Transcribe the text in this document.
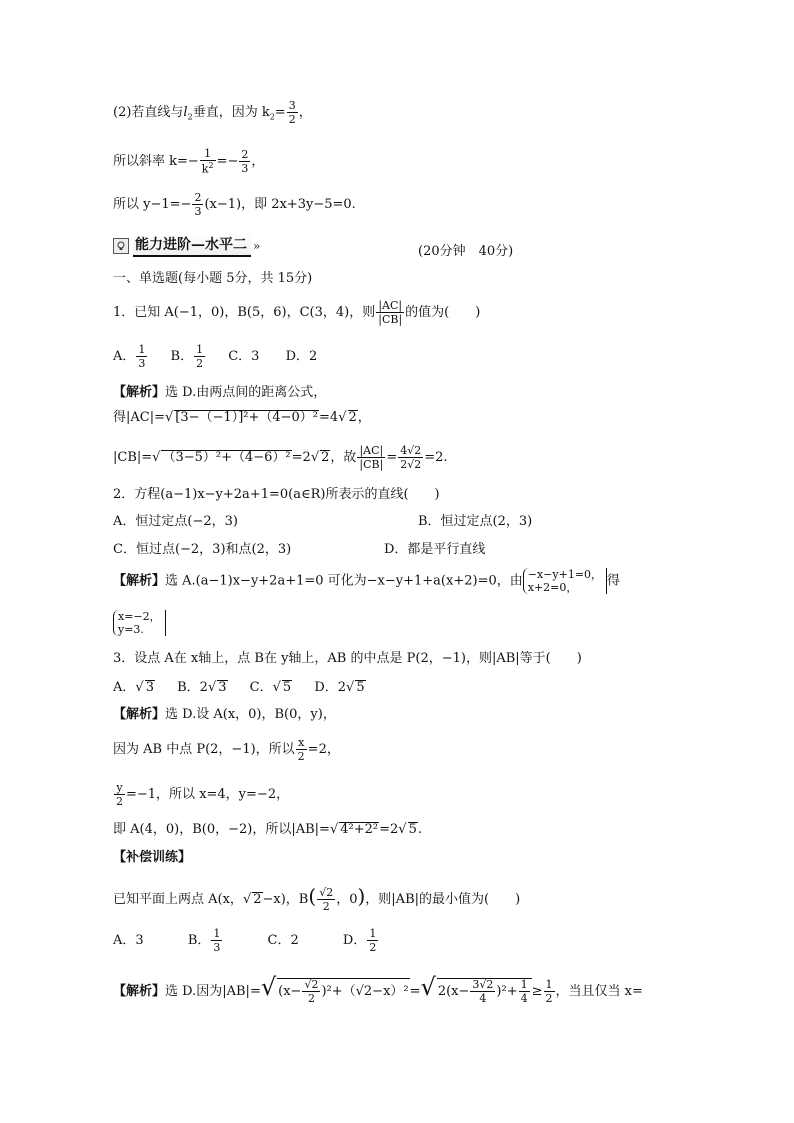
(2)若直线与$l_2$垂直，因为 $k_2= \frac{3}{2}$ ，
所以斜率 $k=- \frac{1}{k^2} =- \frac{2}{3}$ ，
所以 $y-1=- \frac{2}{3} (x-1)$，即 2x+3y−5=0.
能力进阶—水平二 »	(20分钟　40分)
一、单选题(每小题 5分，共 15分)
1．已知 A(−1，0)，B(5，6)，C(3，4)，则 $\frac{|AC|}{|CB|}$ 的值为(　　)
A． $\frac{1}{3}$ B． $\frac{1}{2}$ C．3 D．2
【解析】选 D.由两点间的距离公式，
得|AC|=√ [3−（−1）]²+（4−0）²=4√ 2，
|CB|=√ （3−5）²+（4−6）²=2√ 2，故 $\frac{|AC|}{|CB|} = \frac{4√2}{2√2} =2$.
2．方程(a−1)x−y+2a+1=0(a∈R)所表示的直线(　　)
A．恒过定点(−2，3)	B．恒过定点(2，3)
C．恒过点(−2，3)和点(2，3)	D．都是平行直线
【解析】选 A.(a−1)x−y+2a+1=0 可化为−x−y+1+a(x+2)=0，由 −x−y+1=0，
x+2=0，	得
x=−2，
y=3.
3．设点 A在 x轴上，点 B在 y轴上，AB 的中点是 P(2，−1)，则|AB|等于(　　)
A．√ 3 B．2√ 3 C．√ 5 D．2√ 5
【解析】选 D.设 A(x，0)，B(0，y)，
因为 AB 中点 P(2，−1)，所以 $\frac{x}{2} =2$，
$\frac{y}{2} =-1$，所以 x=4，y=−2，
即 A(4，0)，B(0，−2)，所以|AB|=√ 4²+2²=2√ 5.
【补偿训练】
已知平面上两点 A(x，√ 2−x)，$B( \frac{√2}{2}$ ，0)，则|AB|的最小值为(　　)
A．3	B． $\frac{1}{3}$	C．2	D． $\frac{1}{2}$
【解析】选 D.因为|AB|=√ $(x- \frac{√2}{2} )^2+(√2-x)^2=√$ $2(x- \frac{3√2}{4} )^2+ \frac{1}{4} \ge \frac{1}{2}$ ，当且仅当 x=
